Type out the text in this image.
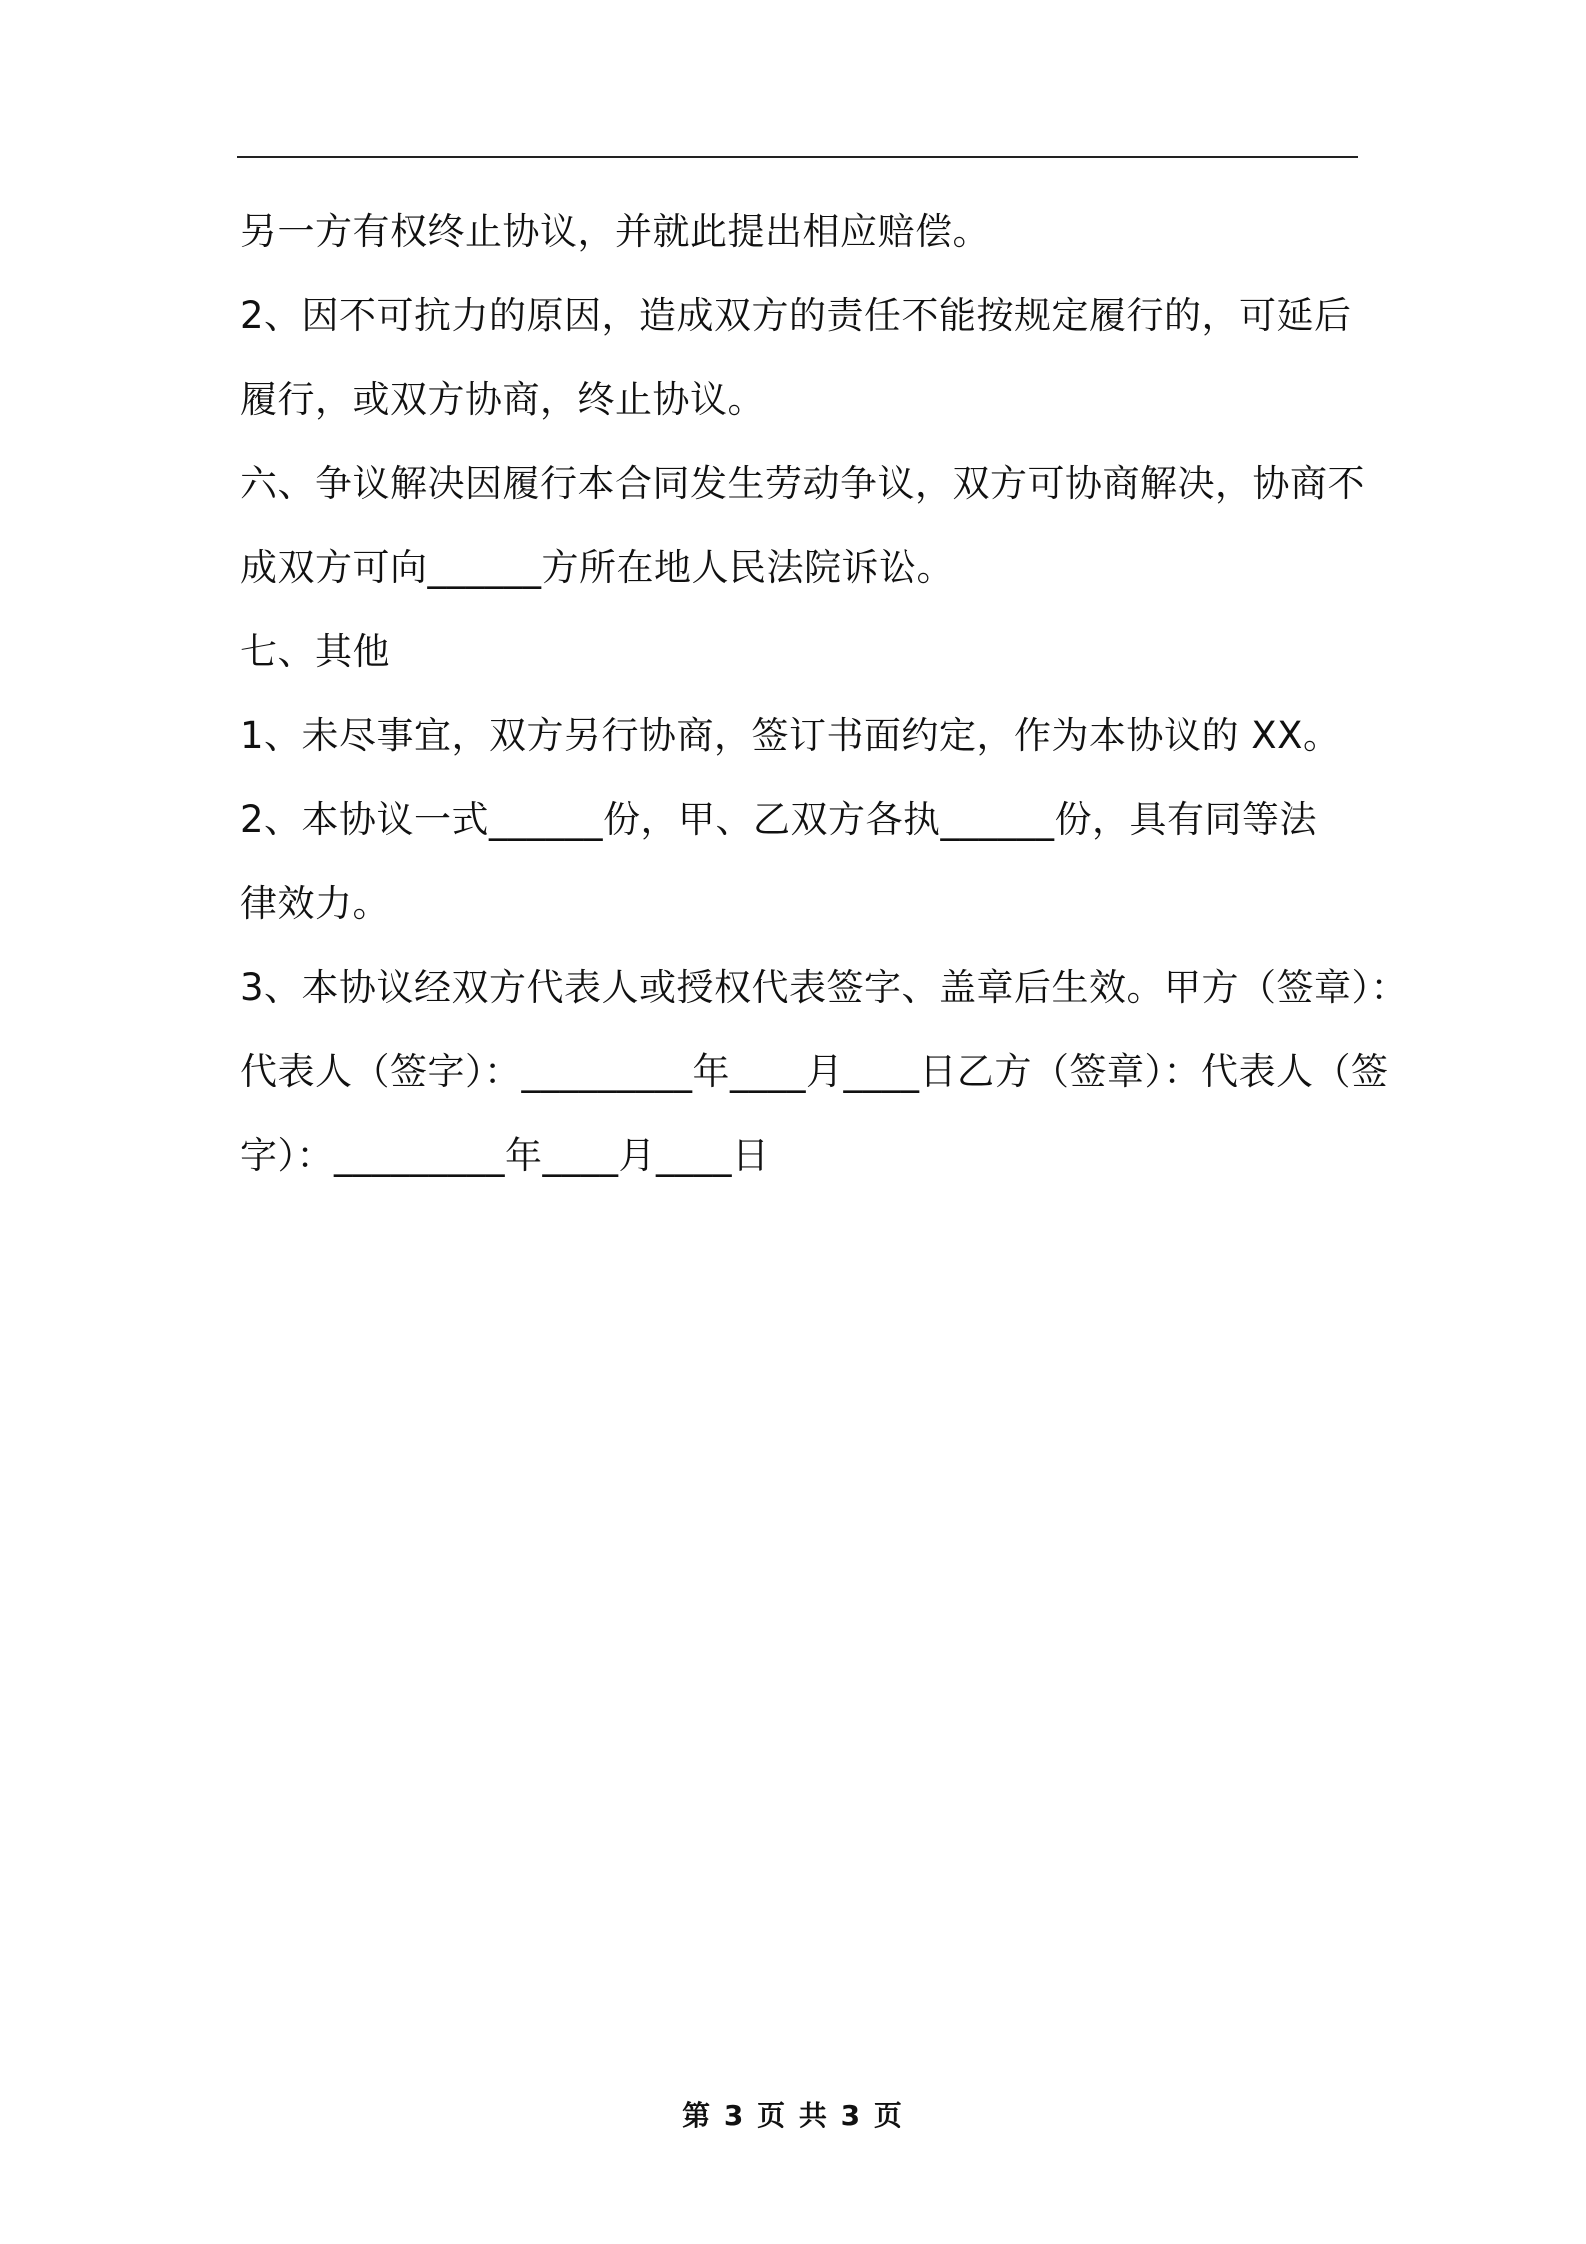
另一方有权终止协议，并就此提出相应赔偿。
2、因不可抗力的原因，造成双方的责任不能按规定履行的，可延后
履行，或双方协商，终止协议。
六、争议解决因履行本合同发生劳动争议，双方可协商解决，协商不
成双方可向______方所在地人民法院诉讼。
七、其他
1、未尽事宜，双方另行协商，签订书面约定，作为本协议的 XX。
2、本协议一式______份，甲、乙双方各执______份，具有同等法
律效力。
3、本协议经双方代表人或授权代表签字、盖章后生效。甲方（签章）：
代表人（签字）：_________年____月____日乙方（签章）：代表人（签
字）：_________年____月____日
第 3 页 共 3 页
